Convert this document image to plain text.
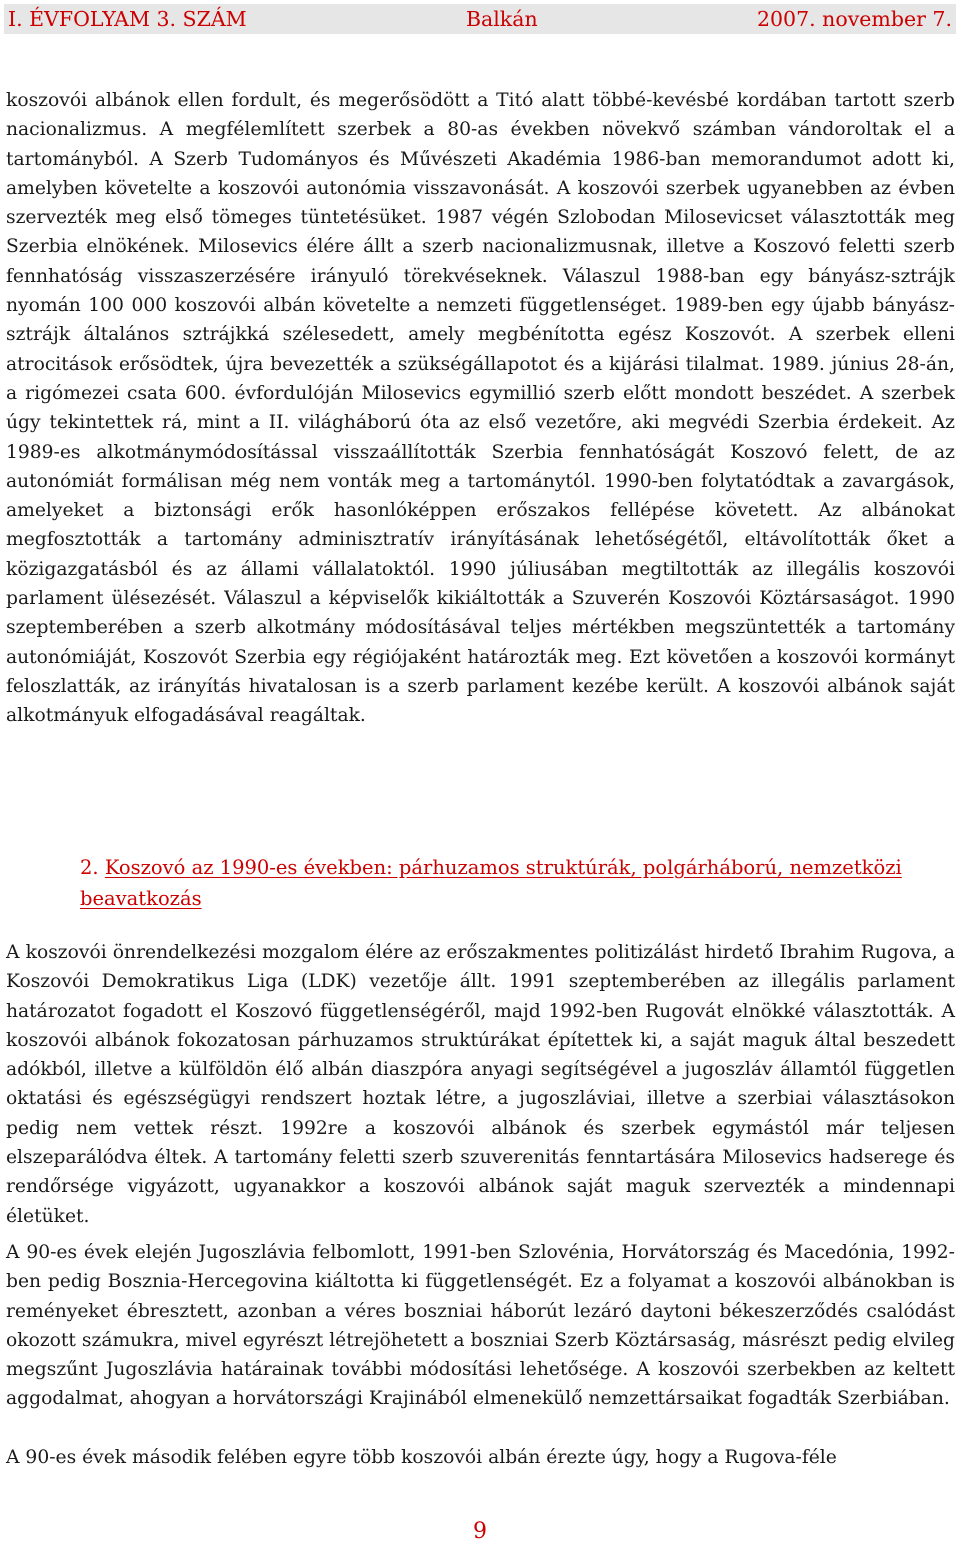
I. ÉVFOLYAM 3. SZÁM	Balkán	2007. november 7.

koszovói albánok ellen fordult, és megerősödött a Titó alatt többé-kevésbé kordában tartott szerb nacionalizmus. A megfélemlített szerbek a 80-as években növekvő számban vándoroltak el a tartományból. A Szerb Tudományos és Művészeti Akadémia 1986-ban memorandumot adott ki, amelyben követelte a koszovói autonómia visszavonását. A koszovói szerbek ugyanebben az évben szervezték meg első tömeges tüntetésüket. 1987 végén Szlobodan Milosevicset választották meg Szerbia elnökének. Milosevics élére állt a szerb nacionalizmusnak, illetve a Koszovó feletti szerb fennhatóság visszaszerzésére irányuló törekvéseknek. Válaszul 1988-ban egy bányász-sztrájk nyomán 100 000 koszovói albán követelte a nemzeti függetlenséget. 1989-ben egy újabb bányászsztrájk általános sztrájkká szélesedett, amely megbénította egész Koszovót. A szerbek elleni atrocitások erősödtek, újra bevezették a szükségállapotot és a kijárási tilalmat. 1989. június 28-án, a rigómezei csata 600. évfordulóján Milosevics egymillió szerb előtt mondott beszédet. A szerbek úgy tekintettek rá, mint a II. világháború óta az első vezetőre, aki megvédi Szerbia érdekeit. Az 1989-es alkotmánymódosítással visszaállították Szerbia fennhatóságát Koszovó felett, de az autonómiát formálisan még nem vonták meg a tartománytól. 1990-ben folytatódtak a zavargások, amelyeket a biztonsági erők hasonlóképpen erőszakos fellépése követett. Az albánokat megfosztották a tartomány adminisztratív irányításának lehetőségétől, eltávolították őket a közigazgatásból és az állami vállalatoktól. 1990 júliusában megtiltották az illegális koszovói parlament ülésezését. Válaszul a képviselők kikiáltották a Szuverén Koszovói Köztársaságot. 1990 szeptemberében a szerb alkotmány módosításával teljes mértékben megszüntették a tartomány autonómiáját, Koszovót Szerbia egy régiójaként határozták meg. Ezt követően a koszovói kormányt feloszlatták, az irányítás hivatalosan is a szerb parlament kezébe került. A koszovói albánok saját alkotmányuk elfogadásával reagáltak.

2. Koszovó az 1990-es években: párhuzamos struktúrák, polgárháború, nemzetközi beavatkozás

A koszovói önrendelkezési mozgalom élére az erőszakmentes politizálást hirdető Ibrahim Rugova, a Koszovói Demokratikus Liga (LDK) vezetője állt. 1991 szeptemberében az illegális parlament határozatot fogadott el Koszovó függetlenségéről, majd 1992-ben Rugovát elnökké választották. A koszovói albánok fokozatosan párhuzamos struktúrákat építettek ki, a saját maguk által beszedett adókból, illetve a külföldön élő albán diaszpóra anyagi segítségével a jugoszláv államtól független oktatási és egészségügyi rendszert hoztak létre, a jugoszláviai, illetve a szerbiai választásokon pedig nem vettek részt. 1992re a koszovói albánok és szerbek egymástól már teljesen elszeparálódva éltek. A tartomány feletti szerb szuverenitás fenntartására Milosevics hadserege és rendőrsége vigyázott, ugyanakkor a koszovói albánok saját maguk szervezték a mindennapi életüket.

A 90-es évek elején Jugoszlávia felbomlott, 1991-ben Szlovénia, Horvátország és Macedónia, 1992-ben pedig Bosznia-Hercegovina kiáltotta ki függetlenségét. Ez a folyamat a koszovói albánokban is reményeket ébresztett, azonban a véres boszniai háborút lezáró daytoni békeszerződés csalódást okozott számukra, mivel egyrészt létrejöhetett a boszniai Szerb Köztársaság, másrészt pedig elvileg megszűnt Jugoszlávia határainak további módosítási lehetősége. A koszovói szerbekben az keltett aggodalmat, ahogyan a horvátországi Krajinából elmenekülő nemzettársaikat fogadták Szerbiában.

A 90-es évek második felében egyre több koszovói albán érezte úgy, hogy a Rugova-féle

9
